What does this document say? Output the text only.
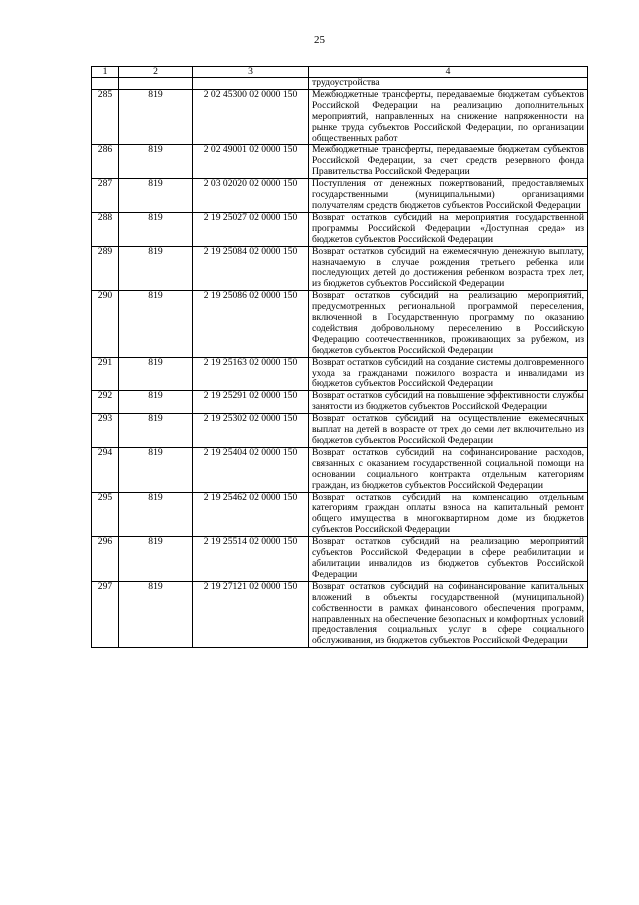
25
1	2	3	4
			трудоустройства
285	819	2 02 45300 02 0000 150	Межбюджетные трансферты, передаваемые бюджетам субъектов Российской Федерации на реализацию дополнительных мероприятий, направленных на снижение напряженности на рынке труда субъектов Российской Федерации, по организации общественных работ
286	819	2 02 49001 02 0000 150	Межбюджетные трансферты, передаваемые бюджетам субъектов Российской Федерации, за счет средств резервного фонда Правительства Российской Федерации
287	819	2 03 02020 02 0000 150	Поступления от денежных пожертвований, предоставляемых государственными (муниципальными) организациями получателям средств бюджетов субъектов Российской Федерации
288	819	2 19 25027 02 0000 150	Возврат остатков субсидий на мероприятия государственной программы Российской Федерации «Доступная среда» из бюджетов субъектов Российской Федерации
289	819	2 19 25084 02 0000 150	Возврат остатков субсидий на ежемесячную денежную выплату, назначаемую в случае рождения третьего ребенка или последующих детей до достижения ребенком возраста трех лет, из бюджетов субъектов Российской Федерации
290	819	2 19 25086 02 0000 150	Возврат остатков субсидий на реализацию мероприятий, предусмотренных региональной программой переселения, включенной в Государственную программу по оказанию содействия добровольному переселению в Российскую Федерацию соотечественников, проживающих за рубежом, из бюджетов субъектов Российской Федерации
291	819	2 19 25163 02 0000 150	Возврат остатков субсидий на создание системы долговременного ухода за гражданами пожилого возраста и инвалидами из бюджетов субъектов Российской Федерации
292	819	2 19 25291 02 0000 150	Возврат остатков субсидий на повышение эффективности службы занятости из бюджетов субъектов Российской Федерации
293	819	2 19 25302 02 0000 150	Возврат остатков субсидий на осуществление ежемесячных выплат на детей в возрасте от трех до семи лет включительно из бюджетов субъектов Российской Федерации
294	819	2 19 25404 02 0000 150	Возврат остатков субсидий на софинансирование расходов, связанных с оказанием государственной социальной помощи на основании социального контракта отдельным категориям граждан, из бюджетов субъектов Российской Федерации
295	819	2 19 25462 02 0000 150	Возврат остатков субсидий на компенсацию отдельным категориям граждан оплаты взноса на капитальный ремонт общего имущества в многоквартирном доме из бюджетов субъектов Российской Федерации
296	819	2 19 25514 02 0000 150	Возврат остатков субсидий на реализацию мероприятий субъектов Российской Федерации в сфере реабилитации и абилитации инвалидов из бюджетов субъектов Российской Федерации
297	819	2 19 27121 02 0000 150	Возврат остатков субсидий на софинансирование капитальных вложений в объекты государственной (муниципальной) собственности в рамках финансового обеспечения программ, направленных на обеспечение безопасных и комфортных условий предоставления социальных услуг в сфере социального обслуживания, из бюджетов субъектов Российской Федерации
